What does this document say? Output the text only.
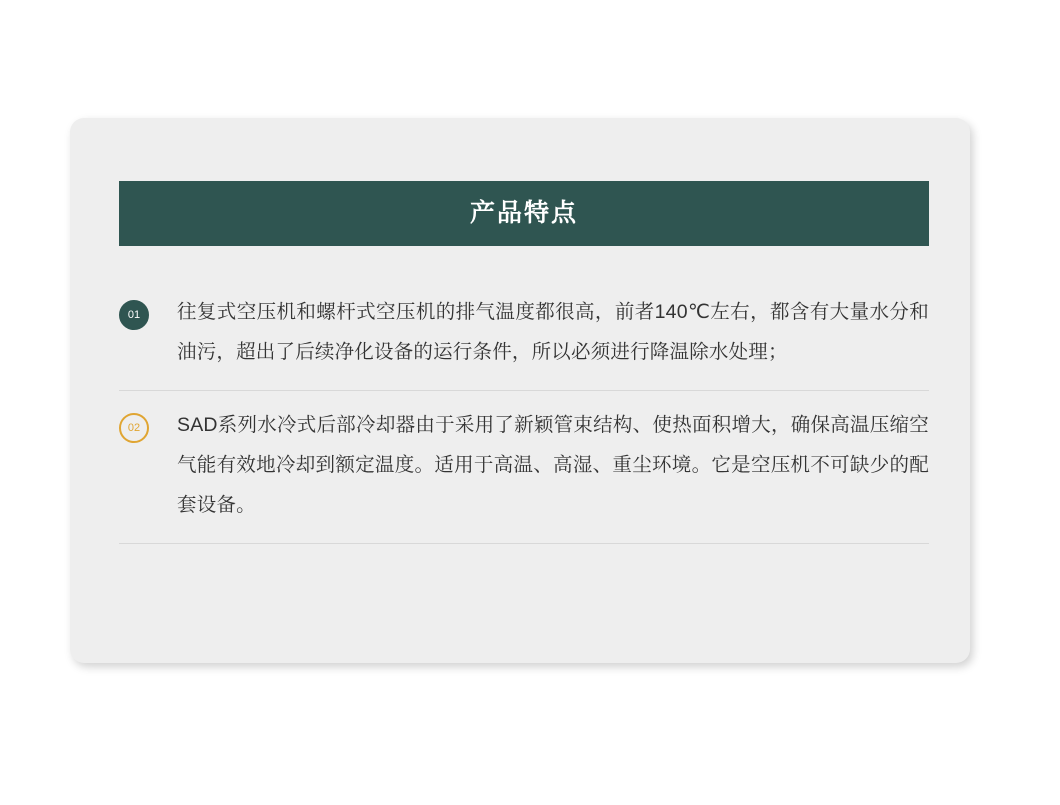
产品特点
01	往复式空压机和螺杆式空压机的排气温度都很高，前者140℃左右，都含有大量水分和油污，超出了后续净化设备的运行条件，所以必须进行降温除水处理；
02	SAD系列水冷式后部冷却器由于采用了新颖管束结构、使热面积增大，确保高温压缩空气能有效地冷却到额定温度。适用于高温、高湿、重尘环境。它是空压机不可缺少的配套设备。
